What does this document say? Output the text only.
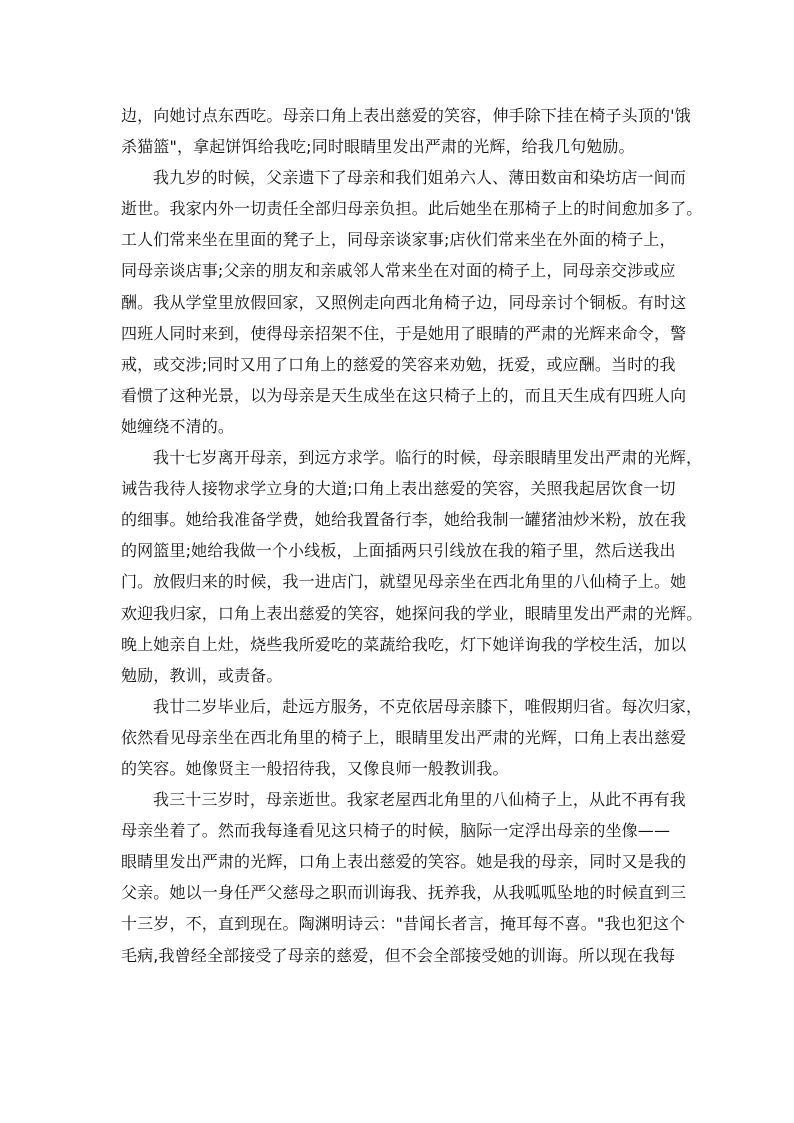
边，向她讨点东西吃。母亲口角上表出慈爱的笑容，伸手除下挂在椅子头顶的'饿
杀猫篮"，拿起饼饵给我吃;同时眼睛里发出严肃的光辉，给我几句勉励。
我九岁的时候，父亲遗下了母亲和我们姐弟六人、薄田数亩和染坊店一间而
逝世。我家内外一切责任全部归母亲负担。此后她坐在那椅子上的时间愈加多了。
工人们常来坐在里面的凳子上，同母亲谈家事;店伙们常来坐在外面的椅子上，
同母亲谈店事;父亲的朋友和亲戚邻人常来坐在对面的椅子上，同母亲交涉或应
酬。我从学堂里放假回家，又照例走向西北角椅子边，同母亲讨个铜板。有时这
四班人同时来到，使得母亲招架不住，于是她用了眼睛的严肃的光辉来命令，警
戒，或交涉;同时又用了口角上的慈爱的笑容来劝勉，抚爱，或应酬。当时的我
看惯了这种光景，以为母亲是天生成坐在这只椅子上的，而且天生成有四班人向
她缠绕不清的。
我十七岁离开母亲，到远方求学。临行的时候，母亲眼睛里发出严肃的光辉，
诫告我待人接物求学立身的大道;口角上表出慈爱的笑容，关照我起居饮食一切
的细事。她给我准备学费，她给我置备行李，她给我制一罐猪油炒米粉，放在我
的网篮里;她给我做一个小线板，上面插两只引线放在我的箱子里，然后送我出
门。放假归来的时候，我一进店门，就望见母亲坐在西北角里的八仙椅子上。她
欢迎我归家，口角上表出慈爱的笑容，她探问我的学业，眼睛里发出严肃的光辉。
晚上她亲自上灶，烧些我所爱吃的菜蔬给我吃，灯下她详询我的学校生活，加以
勉励，教训，或责备。
我廿二岁毕业后，赴远方服务，不克依居母亲膝下，唯假期归省。每次归家，
依然看见母亲坐在西北角里的椅子上，眼睛里发出严肃的光辉，口角上表出慈爱
的笑容。她像贤主一般招待我，又像良师一般教训我。
我三十三岁时，母亲逝世。我家老屋西北角里的八仙椅子上，从此不再有我
母亲坐着了。然而我每逢看见这只椅子的时候，脑际一定浮出母亲的坐像——
眼睛里发出严肃的光辉，口角上表出慈爱的笑容。她是我的母亲，同时又是我的
父亲。她以一身任严父慈母之职而训诲我、抚养我，从我呱呱坠地的时候直到三
十三岁，不，直到现在。陶渊明诗云："昔闻长者言，掩耳每不喜。"我也犯这个
毛病,我曾经全部接受了母亲的慈爱，但不会全部接受她的训诲。所以现在我每
